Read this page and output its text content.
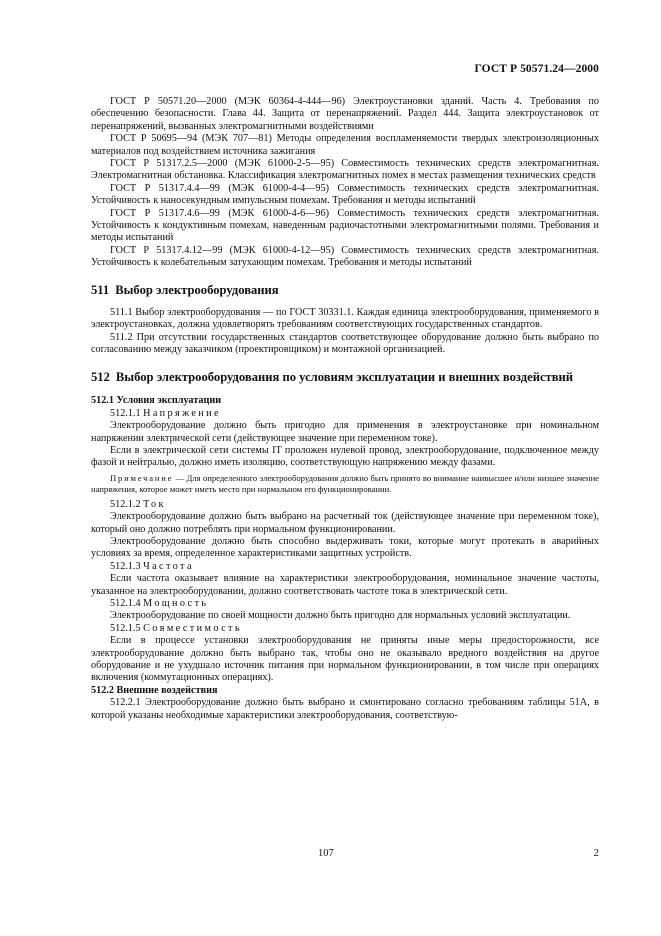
ГОСТ Р 50571.24—2000

ГОСТ Р 50571.20—2000 (МЭК 60364-4-444—96) Электроустановки зданий. Часть 4. Требования по обеспечению безопасности. Глава 44. Защита от перенапряжений. Раздел 444. Защита электроустановок от перенапряжений, вызванных электромагнитными воздействиями

ГОСТ Р 50695—94 (МЭК 707—81) Методы определения воспламеняемости твердых электроизоляционных материалов под воздействием источника зажигания

ГОСТ Р 51317.2.5—2000 (МЭК 61000-2-5—95) Совместимость технических средств электромагнитная. Электромагнитная обстановка. Классификация электромагнитных помех в местах размещения технических средств

ГОСТ Р 51317.4.4—99 (МЭК 61000-4-4—95) Совместимость технических средств электромагнитная. Устойчивость к наносекундным импульсным помехам. Требования и методы испытаний

ГОСТ Р 51317.4.6—99 (МЭК 61000-4-6—96) Совместимость технических средств электромагнитная. Устойчивость к кондуктивным помехам, наведенным радиочастотными электромагнитными полями. Требования и методы испытаний

ГОСТ Р 51317.4.12—99 (МЭК 61000-4-12—95) Совместимость технических средств электромагнитная. Устойчивость к колебательным затухающим помехам. Требования и методы испытаний

511 Выбор электрооборудования

511.1 Выбор электрооборудования — по ГОСТ 30331.1. Каждая единица электрооборудования, применяемого в электроустановках, должна удовлетворять требованиям соответствующих государственных стандартов.

511.2 При отсутствии государственных стандартов соответствующее оборудование должно быть выбрано по согласованию между заказчиком (проектировщиком) и монтажной организацией.

512 Выбор электрооборудования по условиям эксплуатации и внешних воздействий

512.1 Условия эксплуатации

512.1.1 Напряжение

Электрооборудование должно быть пригодно для применения в электроустановке при номинальном напряжении электрической сети (действующее значение при переменном токе).

Если в электрической сети системы IT проложен нулевой провод, электрооборудование, подключенное между фазой и нейтралью, должно иметь изоляцию, соответствующую напряжению между фазами.

Примечание — Для определенного электрооборудования должно быть принято во внимание наивысшее и/или низшее значение напряжения, которое может иметь место при нормальном его функционировании.

512.1.2 Ток

Электрооборудование должно быть выбрано на расчетный ток (действующее значение при переменном токе), который оно должно потреблять при нормальном функционировании.

Электрооборудование должно быть способно выдерживать токи, которые могут протекать в аварийных условиях за время, определенное характеристиками защитных устройств.

512.1.3 Частота

Если частота оказывает влияние на характеристики электрооборудования, номинальное значение частоты, указанное на электрооборудовании, должно соответствовать частоте тока в электрической сети.

512.1.4 Мощность

Электрооборудование по своей мощности должно быть пригодно для нормальных условий эксплуатации.

512.1.5 Совместимость

Если в процессе установки электрооборудования не приняты иные меры предосторожности, все электрооборудование должно быть выбрано так, чтобы оно не оказывало вредного воздействия на другое оборудование и не ухудшало источник питания при нормальном функционировании, в том числе при операциях включения (коммутационных операциях).

512.2 Внешние воздействия

512.2.1 Электрооборудование должно быть выбрано и смонтировано согласно требованиям таблицы 51А, в которой указаны необходимые характеристики электрооборудования, соответствую-

107	2
